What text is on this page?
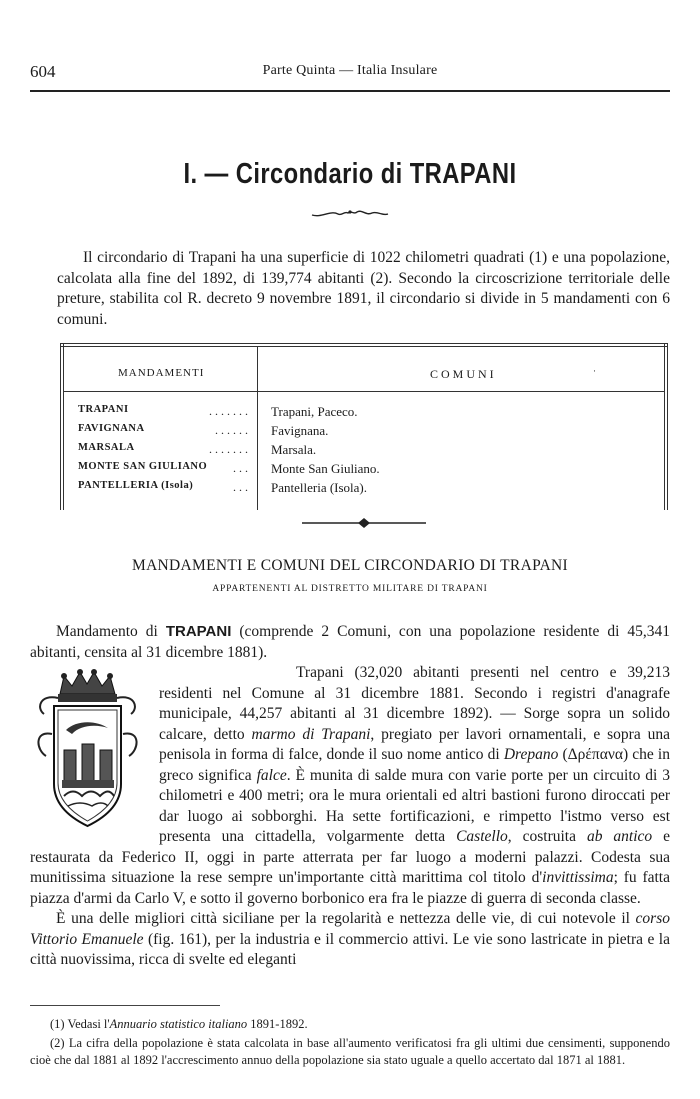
604	Parte Quinta — Italia Insulare
I. — Circondario di TRAPANI

Il circondario di Trapani ha una superficie di 1022 chilometri quadrati (1) e una popolazione, calcolata alla fine del 1892, di 139,774 abitanti (2). Secondo la circoscrizione territoriale delle preture, stabilita col R. decreto 9 novembre 1891, il circondario si divide in 5 mandamenti con 6 comuni.

MANDAMENTI	COMUNI	·
. . . . . . .
TRAPANI	Trapani, Paceco.
. . . . . .
FAVIGNANA	Favignana.
. . . . . . .
MARSALA	Marsala.
. . .
MONTE SAN GIULIANO	Monte San Giuliano.
. . .
PANTELLERIA (Isola)	Pantelleria (Isola).
MANDAMENTI E COMUNI DEL CIRCONDARIO DI TRAPANI
APPARTENENTI AL DISTRETTO MILITARE DI TRAPANI

Mandamento di TRAPANI (comprende 2 Comuni, con una popolazione residente di 45,341 abitanti, censita al 31 dicembre 1881).

Trapani (32,020 abitanti presenti nel centro e 39,213 residenti nel Comune al 31 dicembre 1881. Secondo i registri d'anagrafe municipale, 44,257 abitanti al 31 dicembre 1892). — Sorge sopra un solido calcare, detto marmo di Trapani, pregiato per lavori ornamentali, e sopra una penisola in forma di falce, donde il suo nome antico di Drepano (Δρέπανα) che in greco significa falce. È munita di salde mura con varie porte per un circuito di 3 chilometri e 400 metri; ora le mura orientali ed altri bastioni furono diroccati per dar luogo ai sobborghi. Ha sette fortificazioni, e rimpetto l'istmo verso est presenta una cittadella, volgarmente detta Castello, costruita ab antico e restaurata da Federico II, oggi in parte atterrata per far luogo a moderni palazzi. Codesta sua munitissima situazione la rese sempre un'importante città marittima col titolo d'invittissima; fu fatta piazza d'armi da Carlo V, e sotto il governo borbonico era fra le piazze di guerra di seconda classe.

È una delle migliori città siciliane per la regolarità e nettezza delle vie, di cui notevole il corso Vittorio Emanuele (fig. 161), per la industria e il commercio attivi. Le vie sono lastricate in pietra e la città nuovissima, ricca di svelte ed eleganti

(1) Vedasi l'Annuario statistico italiano 1891-1892.

(2) La cifra della popolazione è stata calcolata in base all'aumento verificatosi fra gli ultimi due censimenti, supponendo cioè che dal 1881 al 1892 l'accrescimento annuo della popolazione sia stato uguale a quello accertato dal 1871 al 1881.
